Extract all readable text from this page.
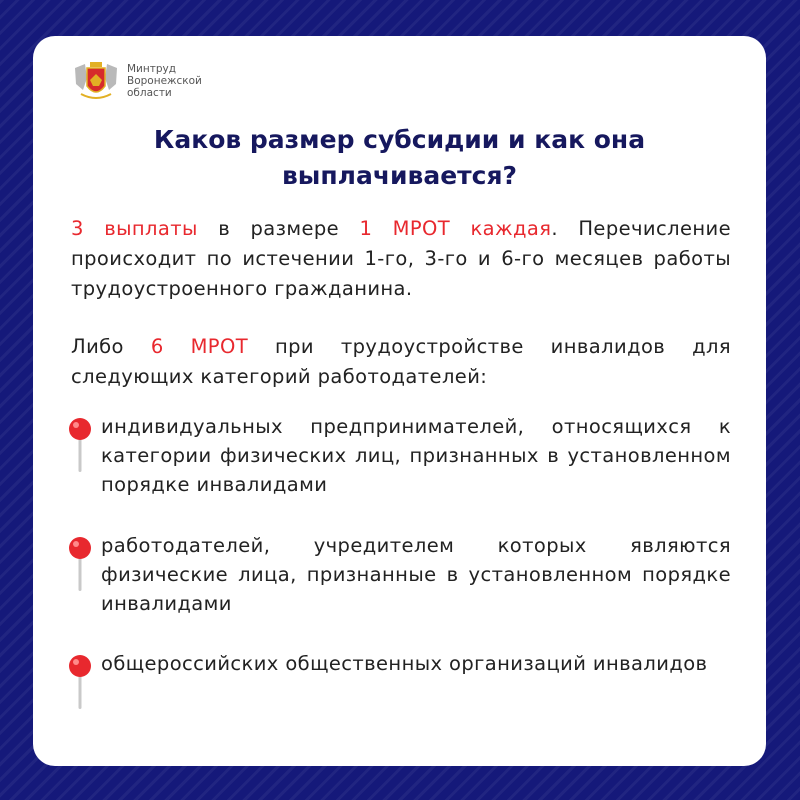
Минтруд
Воронежской
области
Каков размер субсидии и как она
выплачивается?
3 выплаты в размере 1 МРОТ каждая. Перечисление происходит по истечении 1-го, 3-го и 6-го месяцев работы трудоустроенного гражданина.
Либо 6 МРОТ при трудоустройстве инвалидов для следующих категорий работодателей:
индивидуальных предпринимателей, относящихся к категории физических лиц, признанных в установленном порядке инвалидами
работодателей, учредителем которых являются физические лица, признанные в установленном порядке инвалидами
общероссийских общественных организаций инвалидов
